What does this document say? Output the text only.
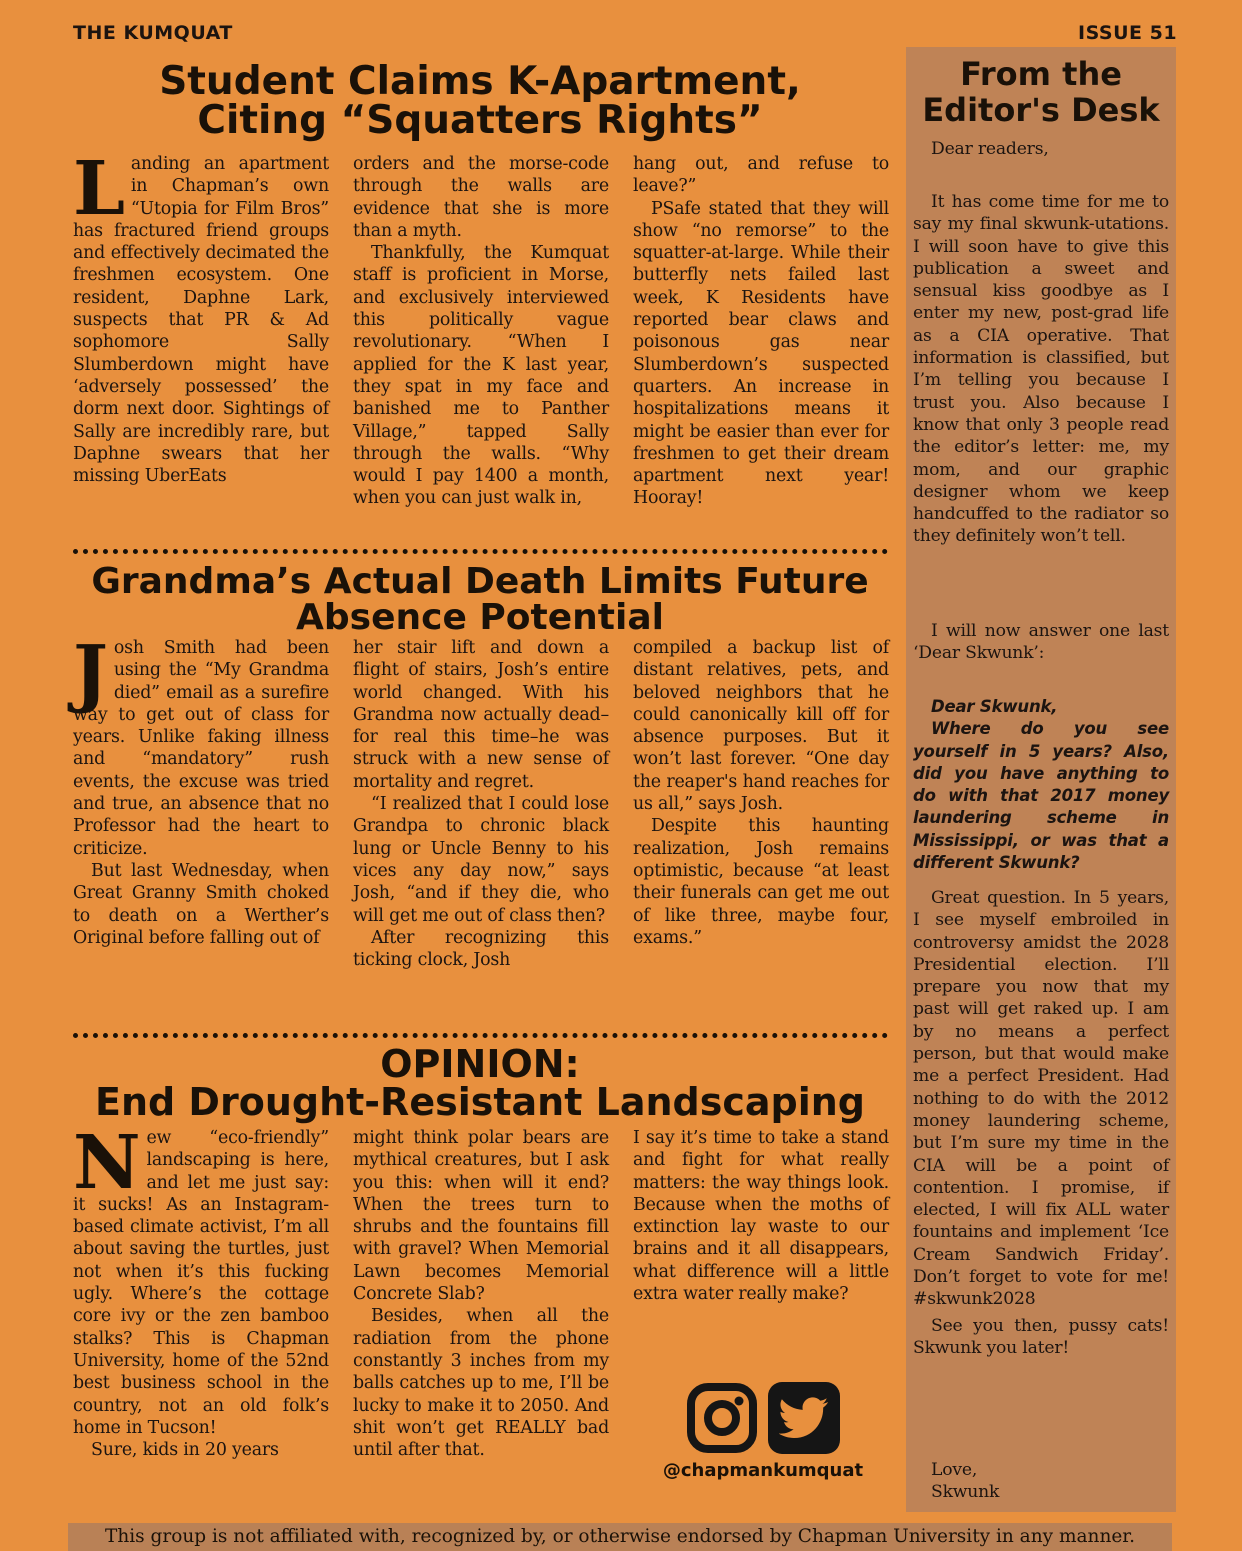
THE KUMQUAT	ISSUE 51
Student Claims K-Apartment,
Citing “Squatters Rights”

Landing an apartment in Chapman’s own “Utopia for Film Bros” has fractured friend groups and effectively decimated the freshmen ecosystem. One resident, Daphne Lark, suspects that PR & Ad sophomore Sally Slumberdown might have ‘adversely possessed’ the dorm next door. Sightings of Sally are incredibly rare, but Daphne swears that her missing UberEats

orders and the morse-code through the walls are evidence that she is more than a myth.

Thankfully, the Kumquat staff is proficient in Morse, and exclusively interviewed this politically vague revolutionary. “When I applied for the K last year, they spat in my face and banished me to Panther Village,” tapped Sally through the walls. “Why would I pay 1400 a month, when you can just walk in,

hang out, and refuse to leave?”

PSafe stated that they will show “no remorse” to the squatter-at-large. While their butterfly nets failed last week, K Residents have reported bear claws and poisonous gas near Slumberdown’s suspected quarters. An increase in hospitalizations means it might be easier than ever for freshmen to get their dream apartment next year! Hooray!

Grandma’s Actual Death Limits Future
Absence Potential

Josh Smith had been using the “My Grandma died” email as a surefire way to get out of class for years. Unlike faking illness and “mandatory” rush events, the excuse was tried and true, an absence that no Professor had the heart to criticize.

But last Wednesday, when Great Granny Smith choked to death on a Werther’s Original before falling out of

her stair lift and down a flight of stairs, Josh’s entire world changed. With his Grandma now actually dead–for real this time–he was struck with a new sense of mortality and regret.

“I realized that I could lose Grandpa to chronic black lung or Uncle Benny to his vices any day now,” says Josh, “and if they die, who will get me out of class then?

After recognizing this ticking clock, Josh

compiled a backup list of distant relatives, pets, and beloved neighbors that he could canonically kill off for absence purposes. But it won’t last forever. “One day the reaper's hand reaches for us all,” says Josh.

Despite this haunting realization, Josh remains optimistic, because “at least their funerals can get me out of like three, maybe four, exams.”

OPINION:
End Drought-Resistant Landscaping

New “eco-friendly” landscaping is here, and let me just say: it sucks! As an Instagram-based climate activist, I’m all about saving the turtles, just not when it’s this fucking ugly. Where’s the cottage core ivy or the zen bamboo stalks? This is Chapman University, home of the 52nd best business school in the country, not an old folk’s home in Tucson!

Sure, kids in 20 years

might think polar bears are mythical creatures, but I ask you this: when will it end? When the trees turn to shrubs and the fountains fill with gravel? When Memorial Lawn becomes Memorial Concrete Slab?

Besides, when all the radiation from the phone constantly 3 inches from my balls catches up to me, I’ll be lucky to make it to 2050. And shit won’t get REALLY bad until after that.

I say it’s time to take a stand and fight for what really matters: the way things look. Because when the moths of extinction lay waste to our brains and it all disappears, what difference will a little extra water really make?

@chapmankumquat
From the
Editor's Desk

Dear readers,

It has come time for me to say my final skwunk-utations. I will soon have to give this publication a sweet and sensual kiss goodbye as I enter my new, post-grad life as a CIA operative. That information is classified, but I’m telling you because I trust you. Also because I know that only 3 people read the editor’s letter: me, my mom, and our graphic designer whom we keep handcuffed to the radiator so they definitely won’t tell.

I will now answer one last ‘Dear Skwunk’:

Dear Skwunk,

Where do you see yourself in 5 years? Also, did you have anything to do with that 2017 money laundering scheme in Mississippi, or was that a different Skwunk?

Great question. In 5 years, I see myself embroiled in controversy amidst the 2028 Presidential election. I’ll prepare you now that my past will get raked up. I am by no means a perfect person, but that would make me a perfect President. Had nothing to do with the 2012 money laundering scheme, but I’m sure my time in the CIA will be a point of contention. I promise, if elected, I will fix ALL water fountains and implement ‘Ice Cream Sandwich Friday’. Don’t forget to vote for me! #skwunk2028

See you then, pussy cats! Skwunk you later!

Love,

Skwunk

This group is not affiliated with, recognized by, or otherwise endorsed by Chapman University in any manner.
